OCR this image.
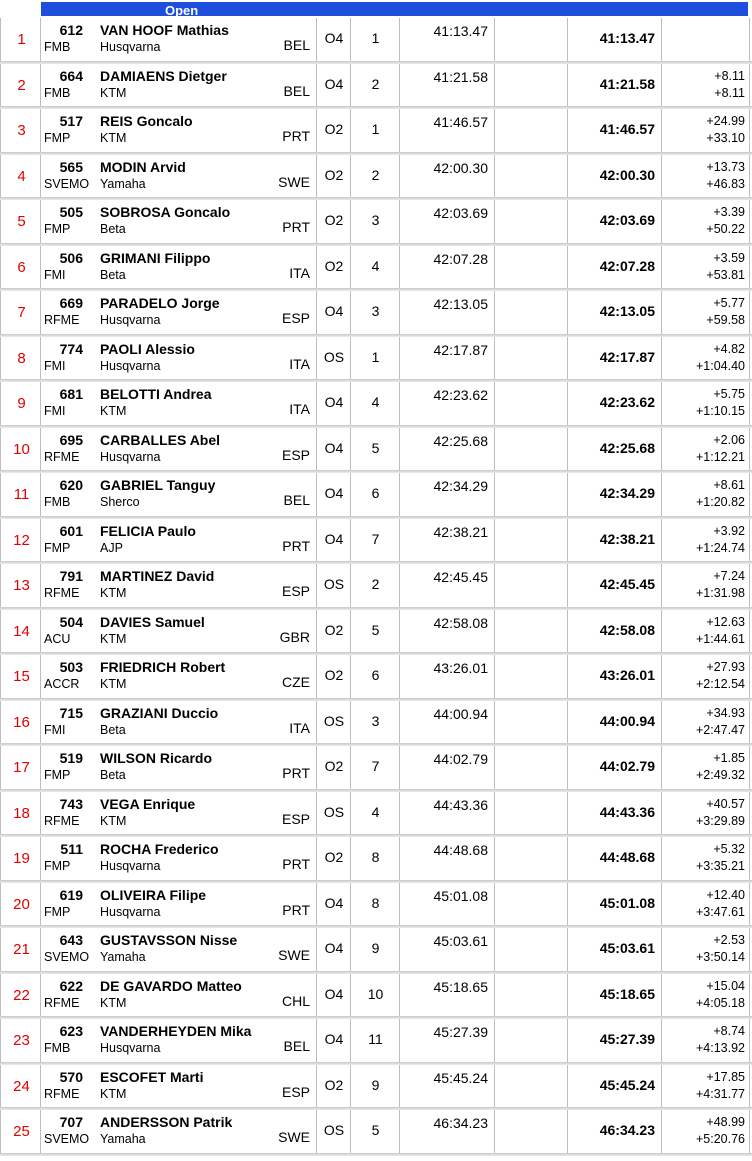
Open
1
612 VAN HOOF Mathias
FMB Husqvarna	BEL	O4	1	41:13.47	41:13.47
2
664 DAMIAENS Dietger
FMB KTM	BEL	O4	2	41:21.58	41:21.58	+8.11
+8.11
3
517 REIS Goncalo
FMP KTM	PRT	O2	1	41:46.57	41:46.57	+24.99
+33.10
4
565 MODIN Arvid
SVEMO Yamaha	SWE	O2	2	42:00.30	42:00.30	+13.73
+46.83
5
505 SOBROSA Goncalo
FMP Beta	PRT	O2	3	42:03.69	42:03.69	+3.39
+50.22
6
506 GRIMANI Filippo
FMI	Beta	ITA	O2	4	42:07.28	42:07.28	+3.59
+53.81
7
669 PARADELO Jorge
RFME Husqvarna	ESP	O4	3	42:13.05	42:13.05	+5.77
+59.58
8
774 PAOLI Alessio
FMI	Husqvarna	ITA OS	1	42:17.87	42:17.87	+4.82
+1:04.40
9
681 BELOTTI Andrea
FMI	KTM	ITA	O4	4	42:23.62	42:23.62	+5.75
+1:10.15
10
695 CARBALLES Abel
RFME Husqvarna	ESP	O4	5	42:25.68	42:25.68	+2.06
+1:12.21
11
620 GABRIEL Tanguy
FMB Sherco	BEL	O4	6	42:34.29	42:34.29	+8.61
+1:20.82
12
601 FELICIA Paulo
FMP AJP	PRT	O4	7	42:38.21	42:38.21	+3.92
+1:24.74
13
791 MARTINEZ David
RFME KTM	ESP OS	2	42:45.45	42:45.45	+7.24
+1:31.98
14
504 DAVIES Samuel
ACU KTM	GBR	O2	5	42:58.08	42:58.08	+12.63
+1:44.61
15
503 FRIEDRICH Robert
ACCR KTM	CZE	O2	6	43:26.01	43:26.01	+27.93
+2:12.54
16
715 GRAZIANI Duccio
FMI	Beta	ITA OS	3	44:00.94	44:00.94	+34.93
+2:47.47
17
519 WILSON Ricardo
FMP Beta	PRT	O2	7	44:02.79	44:02.79	+1.85
+2:49.32
18
743 VEGA Enrique
RFME KTM	ESP OS	4	44:43.36	44:43.36	+40.57
+3:29.89
19
511 ROCHA Frederico
FMP Husqvarna	PRT	O2	8	44:48.68	44:48.68	+5.32
+3:35.21
20
619 OLIVEIRA Filipe
FMP Husqvarna	PRT	O4	8	45:01.08	45:01.08	+12.40
+3:47.61
21
643 GUSTAVSSON Nisse
SVEMO Yamaha	SWE	O4	9	45:03.61	45:03.61	+2.53
+3:50.14
22
622 DE GAVARDO Matteo
RFME KTM	CHL	O4	10	45:18.65	45:18.65	+15.04
+4:05.18
23
623 VANDERHEYDEN Mika
FMB Husqvarna	BEL	O4	11	45:27.39	45:27.39	+8.74
+4:13.92
24
570 ESCOFET Marti
RFME KTM	ESP	O2	9	45:45.24	45:45.24	+17.85
+4:31.77
25
707 ANDERSSON Patrik
SVEMO Yamaha	SWE OS	5	46:34.23	46:34.23	+48.99
+5:20.76
